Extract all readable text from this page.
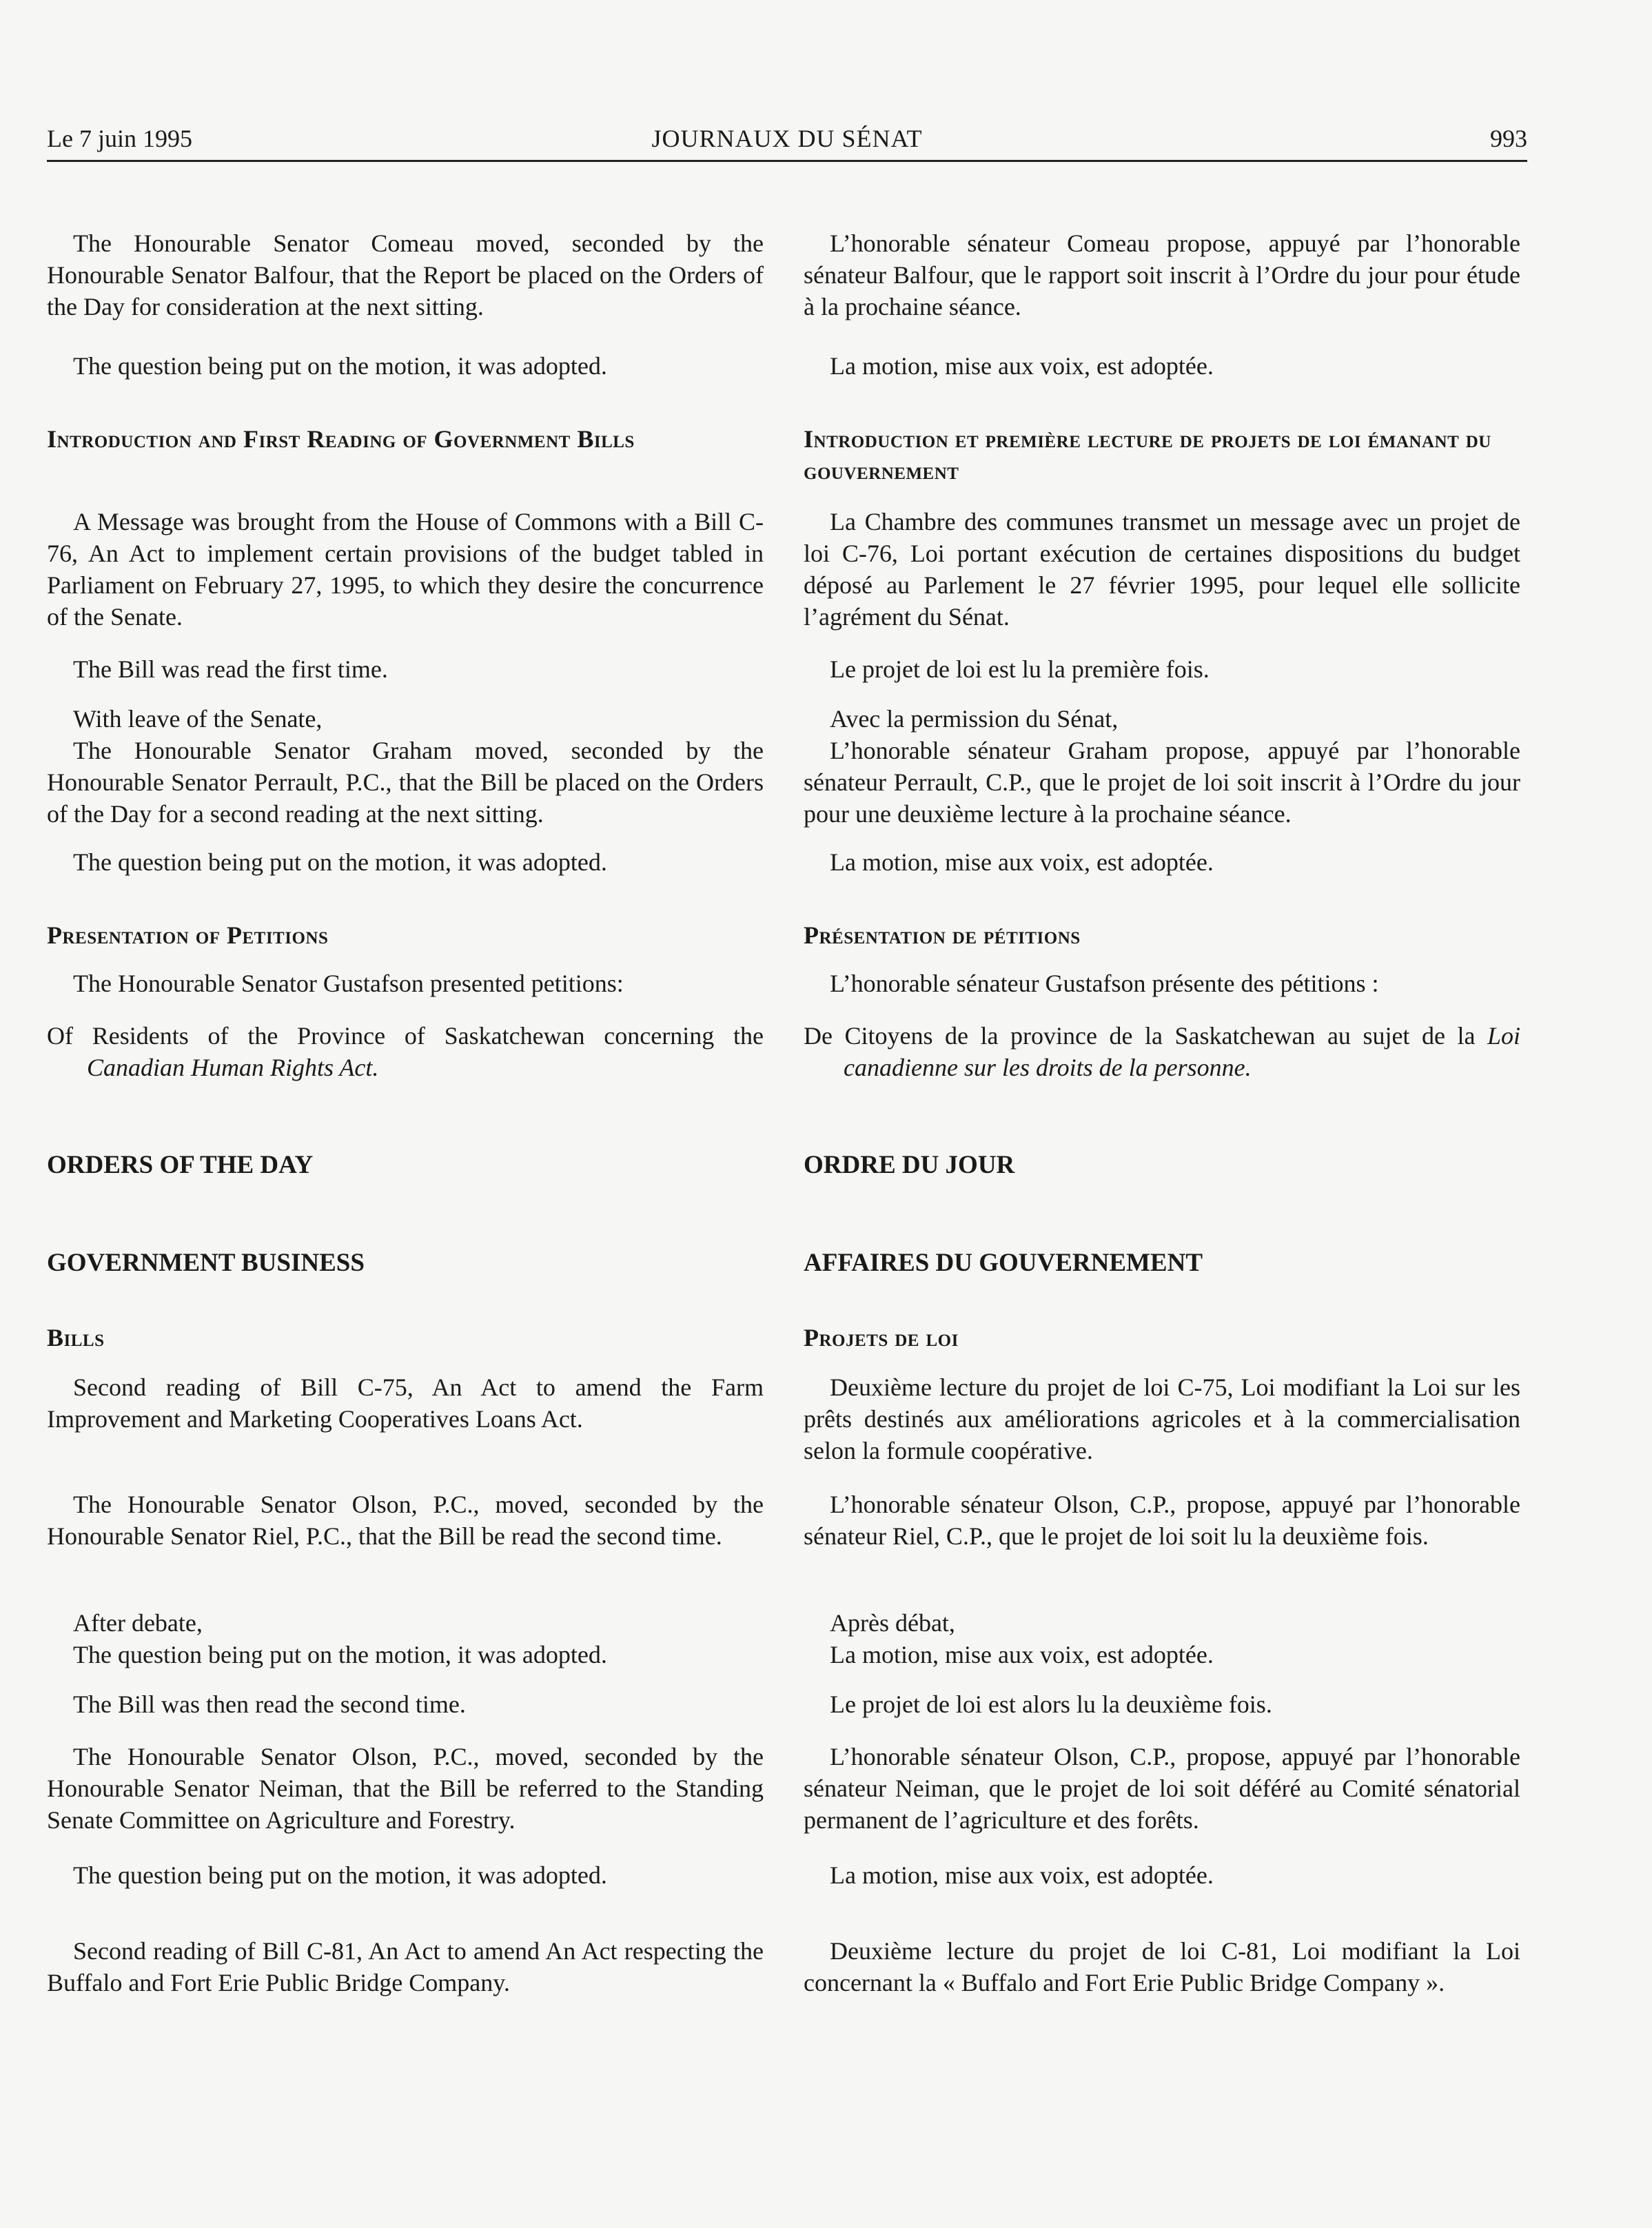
Le 7 juin 1995	JOURNAUX DU SÉNAT	993

The Honourable Senator Comeau moved, seconded by the Honourable Senator Balfour, that the Report be placed on the Orders of the Day for consideration at the next sitting.

The question being put on the motion, it was adopted.

Introduction and First Reading of Government Bills

A Message was brought from the House of Commons with a Bill C-76, An Act to implement certain provisions of the budget tabled in Parliament on February 27, 1995, to which they desire the concurrence of the Senate.

The Bill was read the first time.

With leave of the Senate,

The Honourable Senator Graham moved, seconded by the Honourable Senator Perrault, P.C., that the Bill be placed on the Orders of the Day for a second reading at the next sitting.

The question being put on the motion, it was adopted.

Presentation of Petitions

The Honourable Senator Gustafson presented petitions:

Of Residents of the Province of Saskatchewan concerning the Canadian Human Rights Act.

ORDERS OF THE DAY

GOVERNMENT BUSINESS

Bills

Second reading of Bill C-75, An Act to amend the Farm Improvement and Marketing Cooperatives Loans Act.

The Honourable Senator Olson, P.C., moved, seconded by the Honourable Senator Riel, P.C., that the Bill be read the second time.

After debate,

The question being put on the motion, it was adopted.

The Bill was then read the second time.

The Honourable Senator Olson, P.C., moved, seconded by the Honourable Senator Neiman, that the Bill be referred to the Standing Senate Committee on Agriculture and Forestry.

The question being put on the motion, it was adopted.

Second reading of Bill C-81, An Act to amend An Act respecting the Buffalo and Fort Erie Public Bridge Company.

L’honorable sénateur Comeau propose, appuyé par l’honorable sénateur Balfour, que le rapport soit inscrit à l’Ordre du jour pour étude à la prochaine séance.

La motion, mise aux voix, est adoptée.

Introduction et première lecture de projets de loi émanant du gouvernement

La Chambre des communes transmet un message avec un projet de loi C-76, Loi portant exécution de certaines dispositions du budget déposé au Parlement le 27 février 1995, pour lequel elle sollicite l’agrément du Sénat.

Le projet de loi est lu la première fois.

Avec la permission du Sénat,

L’honorable sénateur Graham propose, appuyé par l’honorable sénateur Perrault, C.P., que le projet de loi soit inscrit à l’Ordre du jour pour une deuxième lecture à la prochaine séance.

La motion, mise aux voix, est adoptée.

Présentation de pétitions

L’honorable sénateur Gustafson présente des pétitions :

De Citoyens de la province de la Saskatchewan au sujet de la Loi canadienne sur les droits de la personne.

ORDRE DU JOUR

AFFAIRES DU GOUVERNEMENT

Projets de loi

Deuxième lecture du projet de loi C-75, Loi modifiant la Loi sur les prêts destinés aux améliorations agricoles et à la commercialisation selon la formule coopérative.

L’honorable sénateur Olson, C.P., propose, appuyé par l’honorable sénateur Riel, C.P., que le projet de loi soit lu la deuxième fois.

Après débat,

La motion, mise aux voix, est adoptée.

Le projet de loi est alors lu la deuxième fois.

L’honorable sénateur Olson, C.P., propose, appuyé par l’honorable sénateur Neiman, que le projet de loi soit déféré au Comité sénatorial permanent de l’agriculture et des forêts.

La motion, mise aux voix, est adoptée.

Deuxième lecture du projet de loi C-81, Loi modifiant la Loi concernant la « Buffalo and Fort Erie Public Bridge Company ».
